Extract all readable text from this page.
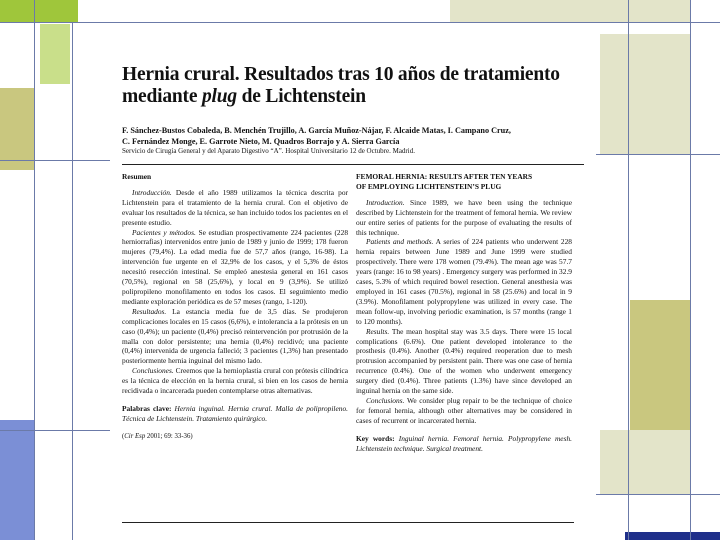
Hernia crural. Resultados tras 10 años de tratamiento
mediante plug de Lichtenstein
F. Sánchez-Bustos Cobaleda, B. Menchén Trujillo, A. García Muñoz-Nájar, F. Alcaide Matas, I. Campano Cruz,
C. Fernández Monge, E. Garrote Nieto, M. Quadros Borrajo y A. Sierra García
Servicio de Cirugía General y del Aparato Digestivo “A”. Hospital Universitario 12 de Octubre. Madrid.

Resumen

Introducción. Desde el año 1989 utilizamos la técnica descrita por Lichtenstein para el tratamiento de la hernia crural. Con el objetivo de evaluar los resultados de la técnica, se han incluido todos los pacientes en el presente estudio.

Pacientes y métodos. Se estudian prospectivamente 224 pacientes (228 herniorrafias) intervenidos entre junio de 1989 y junio de 1999; 178 fueron mujeres (79,4%). La edad media fue de 57,7 años (rango, 16-98). La intervención fue urgente en el 32,9% de los casos, y el 5,3% de éstos necesitó resección intestinal. Se empleó anestesia general en 161 casos (70,5%), regional en 58 (25,6%), y local en 9 (3,9%). Se utilizó polipropileno monofilamento en todos los casos. El seguimiento medio mediante exploración periódica es de 57 meses (rango, 1-120).

Resultados. La estancia media fue de 3,5 días. Se produjeron complicaciones locales en 15 casos (6,6%), e intolerancia a la prótesis en un caso (0,4%); un paciente (0,4%) precisó reintervención por protrusión de la malla con dolor persistente; una hernia (0,4%) recidivó; una paciente (0,4%) intervenida de urgencia falleció; 3 pacientes (1,3%) han presentado posteriormente hernia inguinal del mismo lado.

Conclusiones. Creemos que la hernioplastia crural con prótesis cilíndrica es la técnica de elección en la hernia crural, si bien en los casos de hernia recidivada o incarcerada pueden contemplarse otras alternativas.

Palabras clave: Hernia inguinal. Hernia crural. Malla de polipropileno. Técnica de Lichtenstein. Tratamiento quirúrgico.

(Cir Esp 2001; 69: 33-36)

FEMORAL HERNIA: RESULTS AFTER TEN YEARS
OF EMPLOYING LICHTENSTEIN’S PLUG

Introduction. Since 1989, we have been using the technique described by Lichtenstein for the treatment of femoral hernia. We review our entire series of patients for the purpose of evaluating the results of this technique.

Patients and methods. A series of 224 patients who underwent 228 hernia repairs between June 1989 and June 1999 were studied prospectively. There were 178 women (79.4%). The mean age was 57.7 years (range: 16 to 98 years) . Emergency surgery was performed in 32.9 cases, 5.3% of which required bowel resection. General anesthesia was employed in 161 cases (70.5%), regional in 58 (25.6%) and local in 9 (3.9%). Monofilament polypropylene was utilized in every case. The mean follow-up, involving periodic examination, is 57 months (range 1 to 120 months).

Results. The mean hospital stay was 3.5 days. There were 15 local complications (6.6%). One patient developed intolerance to the prosthesis (0.4%). Another (0.4%) required reoperation due to mesh protrusion accompanied by persistent pain. There was one case of hernia recurrence (0.4%). One of the women who underwent emergency surgery died (0.4%). Three patients (1.3%) have since developed an inguinal hernia on the same side.

Conclusions. We consider plug repair to be the technique of choice for femoral hernia, although other alternatives may be considered in cases of recurrent or incarcerated hernia.

Key words: Inguinal hernia. Femoral hernia. Polypropylene mesh. Lichtenstein technique. Surgical treatment.
